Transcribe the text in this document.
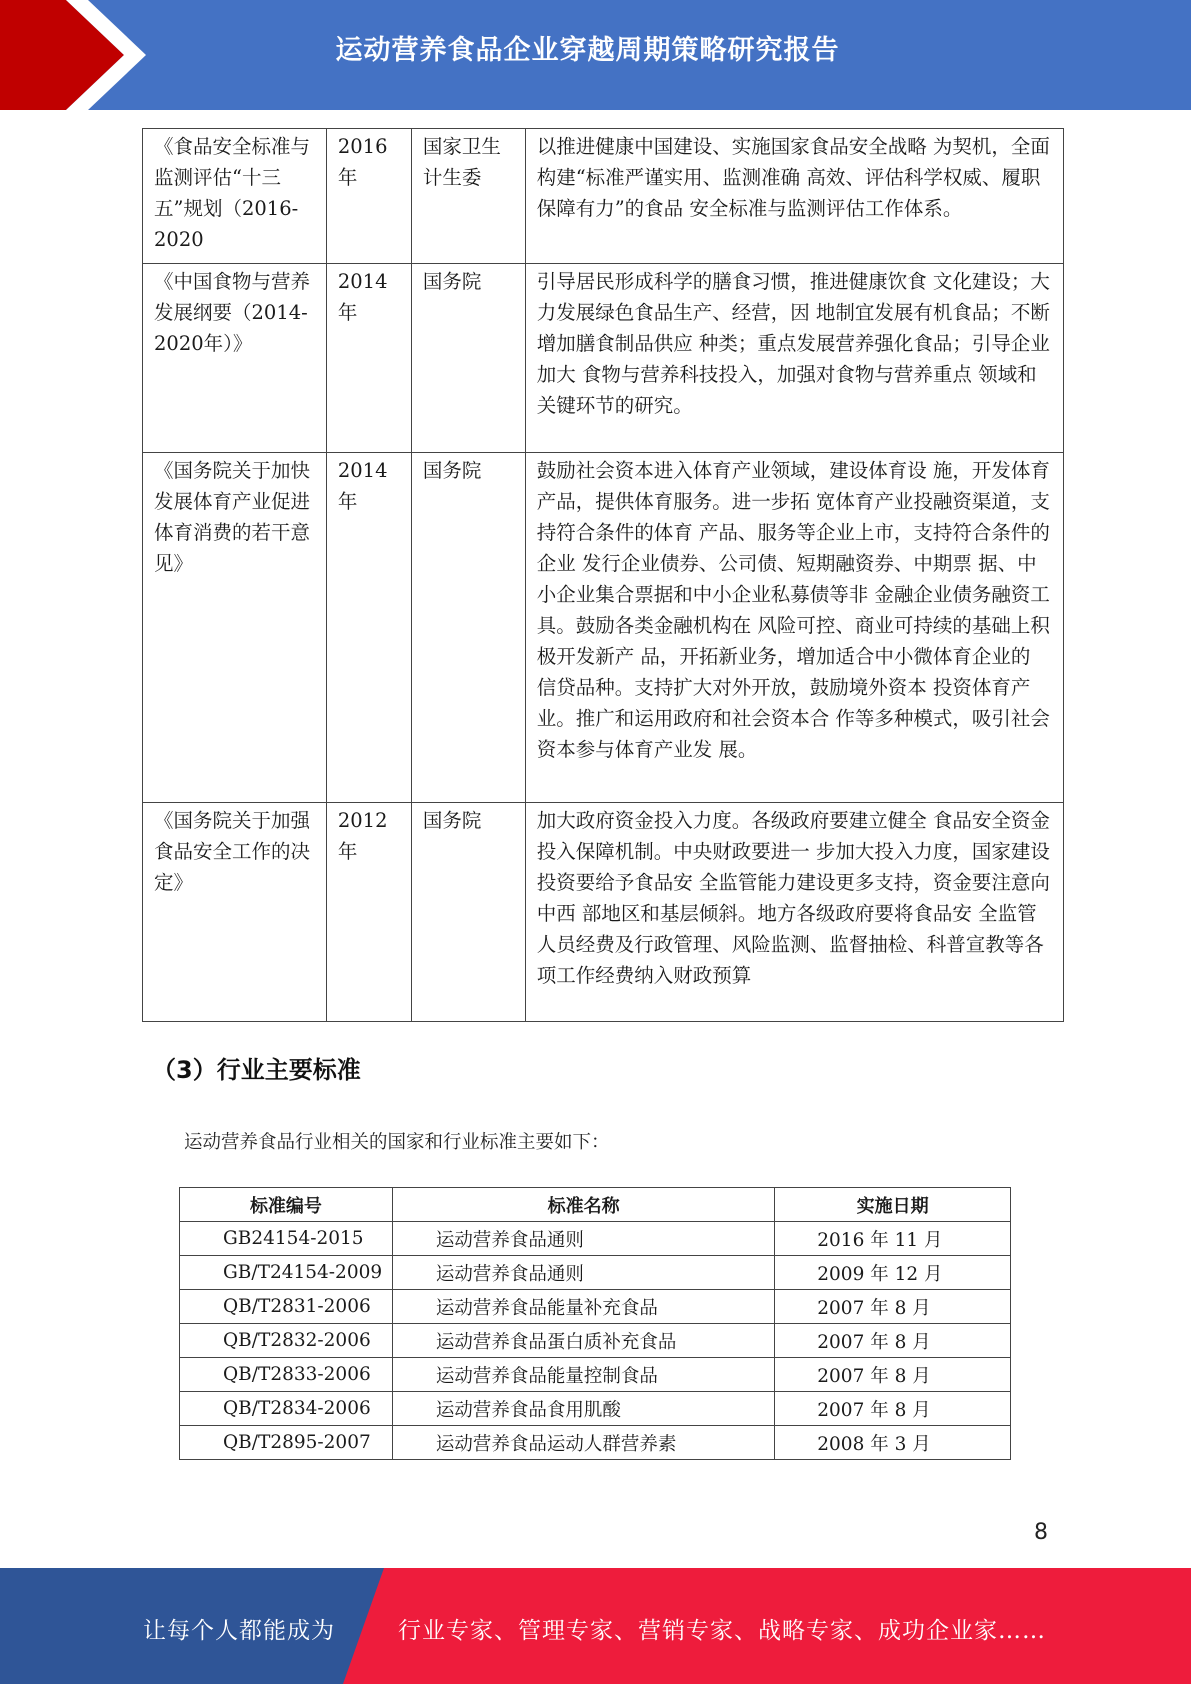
运动营养食品企业穿越周期策略研究报告
《食品安全标准与监测评估“十三五”规划（2016-2020	2016年	国家卫生计生委	以推进健康中国建设、实施国家食品安全战略 为契机，全面构建“标准严谨实用、监测准确 高效、评估科学权威、履职保障有力”的食品 安全标准与监测评估工作体系。
《中国食物与营养发展纲要（2014-2020年）》	2014年	国务院	引导居民形成科学的膳食习惯，推进健康饮食 文化建设；大力发展绿色食品生产、经营，因 地制宜发展有机食品；不断增加膳食制品供应 种类；重点发展营养强化食品；引导企业加大 食物与营养科技投入，加强对食物与营养重点 领域和关键环节的研究。
《国务院关于加快发展体育产业促进体育消费的若干意见》	2014年	国务院	鼓励社会资本进入体育产业领域，建设体育设 施，开发体育产品，提供体育服务。进一步拓 宽体育产业投融资渠道，支持符合条件的体育 产品、服务等企业上市，支持符合条件的企业 发行企业债券、公司债、短期融资券、中期票 据、中小企业集合票据和中小企业私募债等非 金融企业债务融资工具。鼓励各类金融机构在 风险可控、商业可持续的基础上积极开发新产 品，开拓新业务，增加适合中小微体育企业的 信贷品种。支持扩大对外开放，鼓励境外资本 投资体育产业。推广和运用政府和社会资本合 作等多种模式，吸引社会资本参与体育产业发 展。
《国务院关于加强食品安全工作的决定》	2012年	国务院	加大政府资金投入力度。各级政府要建立健全 食品安全资金投入保障机制。中央财政要进一 步加大投入力度，国家建设投资要给予食品安 全监管能力建设更多支持，资金要注意向中西 部地区和基层倾斜。地方各级政府要将食品安 全监管人员经费及行政管理、风险监测、监督抽检、科普宣教等各项工作经费纳入财政预算
（3）行业主要标准
运动营养食品行业相关的国家和行业标准主要如下：
标准编号	标准名称	实施日期
GB24154-2015	运动营养食品通则	2016 年 11 月
GB/T24154-2009	运动营养食品通则	2009 年 12 月
QB/T2831-2006	运动营养食品能量补充食品	2007 年 8 月
QB/T2832-2006	运动营养食品蛋白质补充食品	2007 年 8 月
QB/T2833-2006	运动营养食品能量控制食品	2007 年 8 月
QB/T2834-2006	运动营养食品食用肌酸	2007 年 8 月
QB/T2895-2007	运动营养食品运动人群营养素	2008 年 3 月
8
让每个人都能成为	行业专家、管理专家、营销专家、战略专家、成功企业家……
